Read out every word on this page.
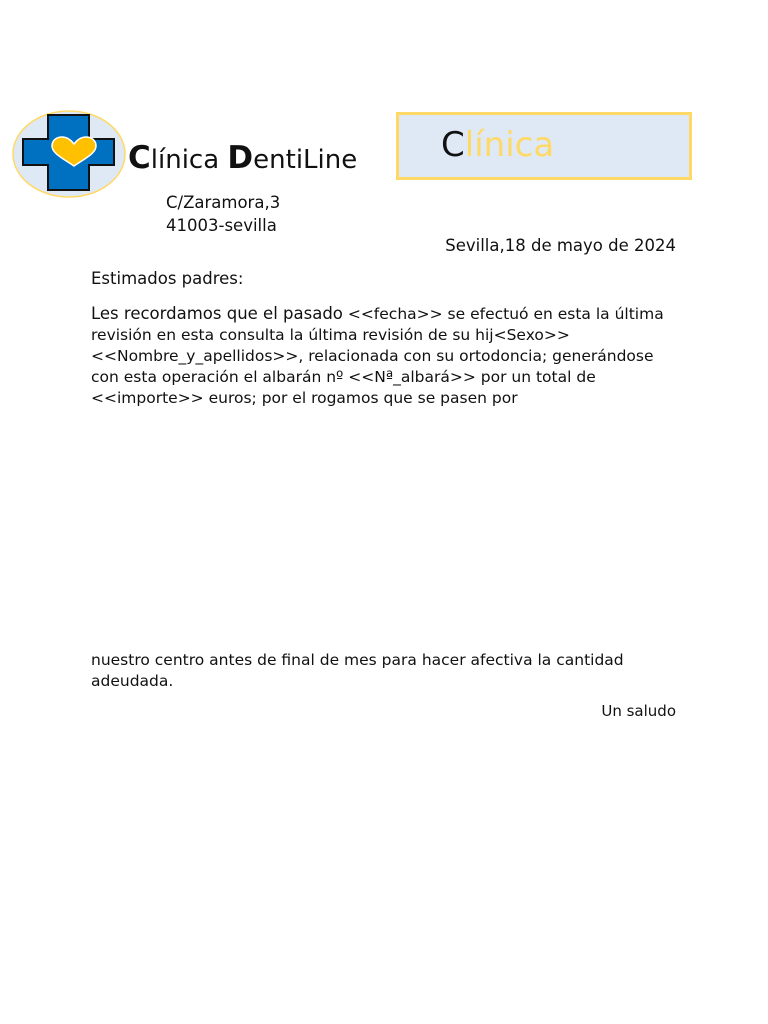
Clínica DentiLine
C/Zaramora,3
41003-sevilla
Clínica
Sevilla,18 de mayo de 2024
Estimados padres:
Les recordamos que el pasado <<fecha>> se efectuó en esta la última revisión en esta consulta la última revisión de su hij<Sexo>> <<Nombre_y_apellidos>>, relacionada con su ortodoncia; generándose con esta operación el albarán nº <<Nª_albará>> por un total de <<importe>> euros; por el rogamos que se pasen por
nuestro centro antes de final de mes para hacer afectiva la cantidad adeudada.
Un saludo
